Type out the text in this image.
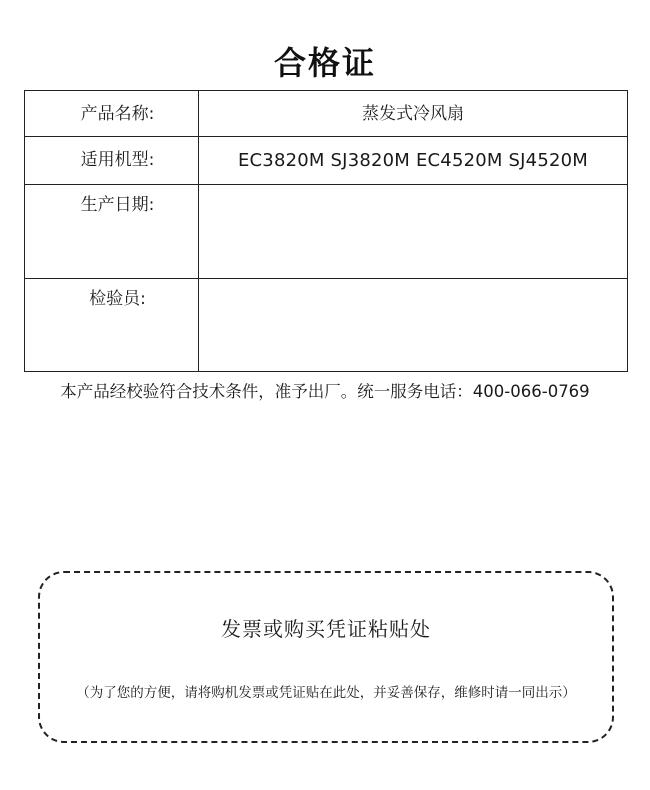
合格证
产品名称:	蒸发式冷风扇
适用机型:	EC3820M SJ3820M EC4520M SJ4520M
生产日期:
检验员:
本产品经校验符合技术条件，准予出厂。统一服务电话：400-066-0769
发票或购买凭证粘贴处
（为了您的方便，请将购机发票或凭证贴在此处，并妥善保存，维修时请一同出示）
